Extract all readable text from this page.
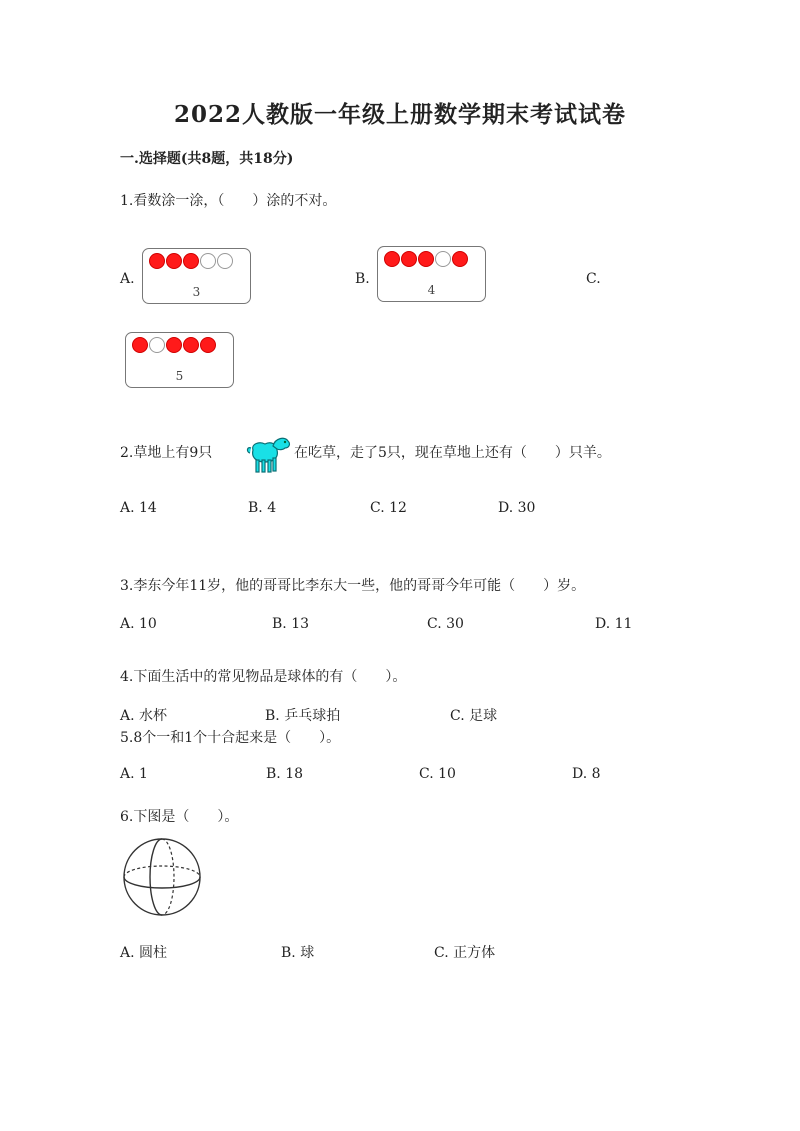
2022人教版一年级上册数学期末考试试卷
一.选择题(共8题，共18分)
1.看数涂一涂，（　　）涂的不对。
A.
3
B.
4
C.
5
2.草地上有9只	在吃草，走了5只，现在草地上还有（　　）只羊。
A. 14	B. 4	C. 12	D. 30
3.李东今年11岁，他的哥哥比李东大一些，他的哥哥今年可能（　　）岁。
A. 10	B. 13	C. 30	D. 11
4.下面生活中的常见物品是球体的有（　　）。
A. 水杯	B. 乒乓球拍	C. 足球
5.8个一和1个十合起来是（　　）。
A. 1	B. 18	C. 10	D. 8
6.下图是（　　）。
A. 圆柱	B. 球	C. 正方体
